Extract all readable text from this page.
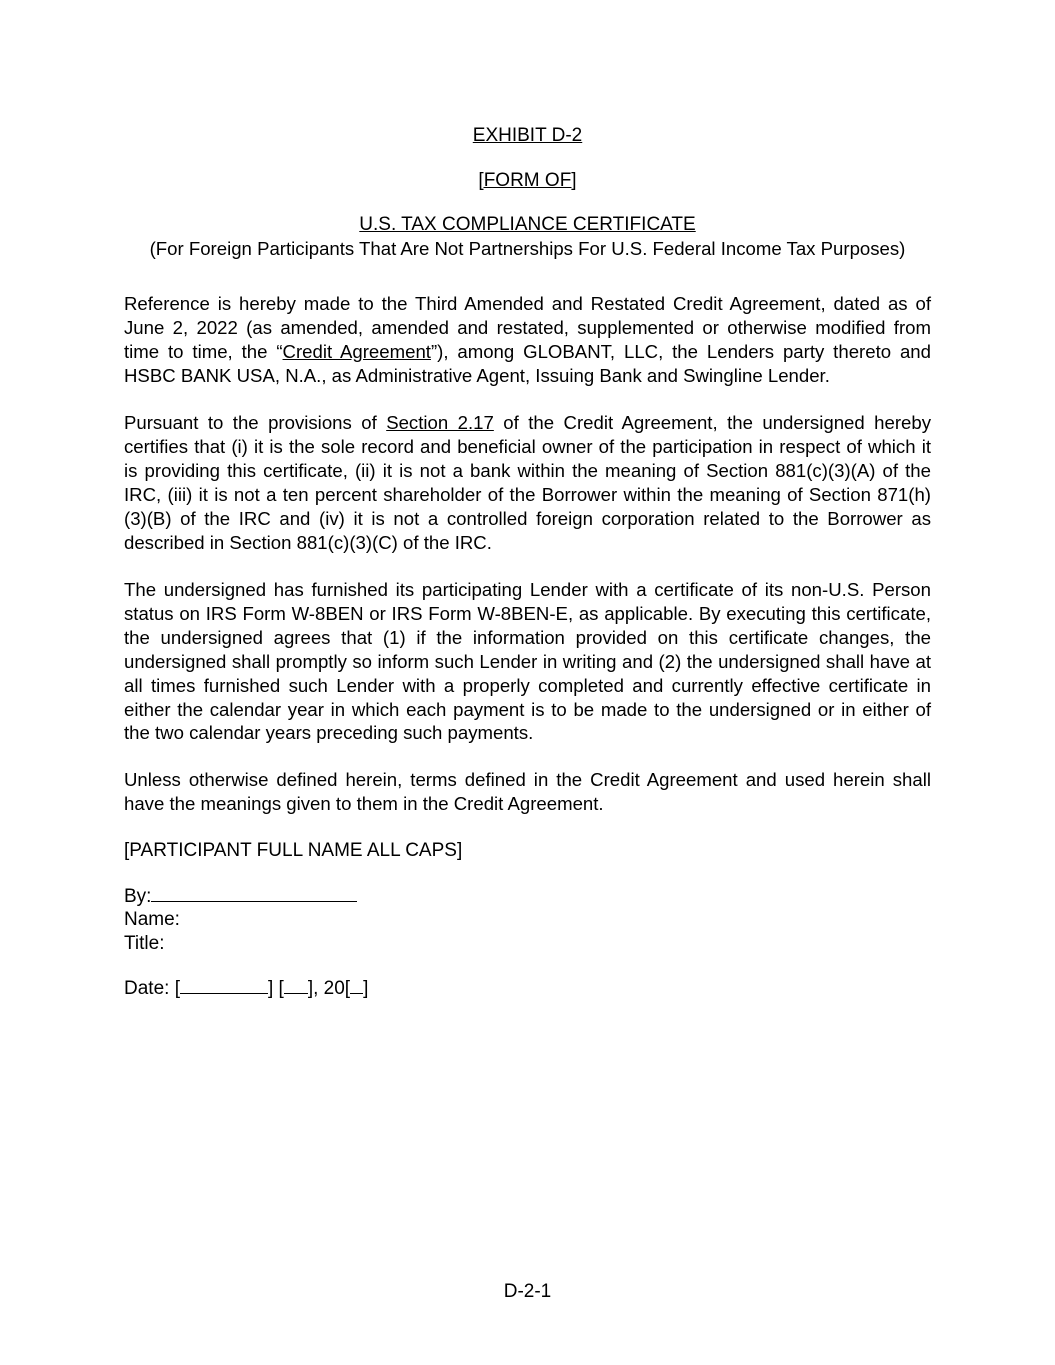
EXHIBIT D-2
[FORM OF]
U.S. TAX COMPLIANCE CERTIFICATE
(For Foreign Participants That Are Not Partnerships For U.S. Federal Income Tax Purposes)
Reference is hereby made to the Third Amended and Restated Credit Agreement, dated as of June 2, 2022 (as amended, amended and restated, supplemented or otherwise modified from time to time, the “Credit Agreement”), among GLOBANT, LLC, the Lenders party thereto and HSBC BANK USA, N.A., as Administrative Agent, Issuing Bank and Swingline Lender.
Pursuant to the provisions of Section 2.17 of the Credit Agreement, the undersigned hereby certifies that (i) it is the sole record and beneficial owner of the participation in respect of which it is providing this certificate, (ii) it is not a bank within the meaning of Section 881(c)(3)(A) of the IRC, (iii) it is not a ten percent shareholder of the Borrower within the meaning of Section 871(h)(3)(B) of the IRC and (iv) it is not a controlled foreign corporation related to the Borrower as described in Section 881(c)(3)(C) of the IRC.
The undersigned has furnished its participating Lender with a certificate of its non-U.S. Person status on IRS Form W-8BEN or IRS Form W-8BEN-E, as applicable. By executing this certificate, the undersigned agrees that (1) if the information provided on this certificate changes, the undersigned shall promptly so inform such Lender in writing and (2) the undersigned shall have at all times furnished such Lender with a properly completed and currently effective certificate in either the calendar year in which each payment is to be made to the undersigned or in either of the two calendar years preceding such payments.
Unless otherwise defined herein, terms defined in the Credit Agreement and used herein shall have the meanings given to them in the Credit Agreement.
[PARTICIPANT FULL NAME ALL CAPS]
By:
Name:
Title:
Date: [	] [ ], 20[ ]
D-2-1
